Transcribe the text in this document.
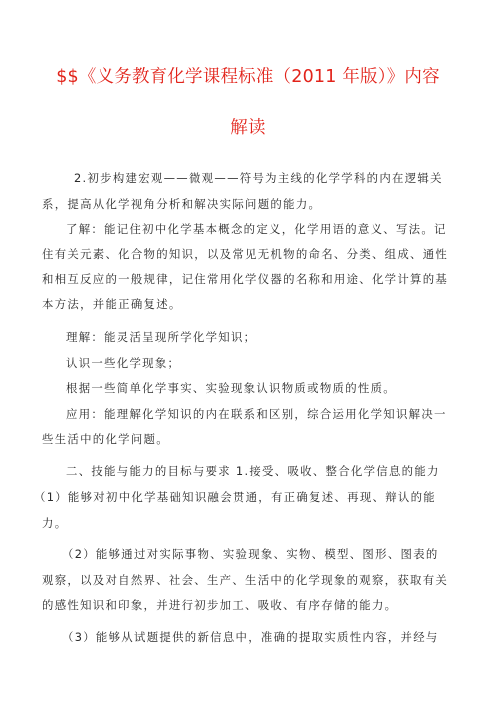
$$《义务教育化学课程标准（2011 年版）》内容
解读
2.初步构建宏观——微观——符号为主线的化学学科的内在逻辑关
系，提高从化学视角分析和解决实际问题的能力。
了解：能记住初中化学基本概念的定义，化学用语的意义、写法。记
住有关元素、化合物的知识，以及常见无机物的命名、分类、组成、通性
和相互反应的一般规律，记住常用化学仪器的名称和用途、化学计算的基
本方法，并能正确复述。
理解：能灵活呈现所学化学知识；
认识一些化学现象；
根据一些简单化学事实、实验现象认识物质或物质的性质。
应用：能理解化学知识的内在联系和区别，综合运用化学知识解决一
些生活中的化学问题。
二、技能与能力的目标与要求 1.接受、吸收、整合化学信息的能力
（1）能够对初中化学基础知识融会贯通，有正确复述、再现、辩认的能
力。
（2）能够通过对实际事物、实验现象、实物、模型、图形、图表的
观察，以及对自然界、社会、生产、生活中的化学现象的观察，获取有关
的感性知识和印象，并进行初步加工、吸收、有序存储的能力。
（3）能够从试题提供的新信息中，准确的提取实质性内容，并经与
